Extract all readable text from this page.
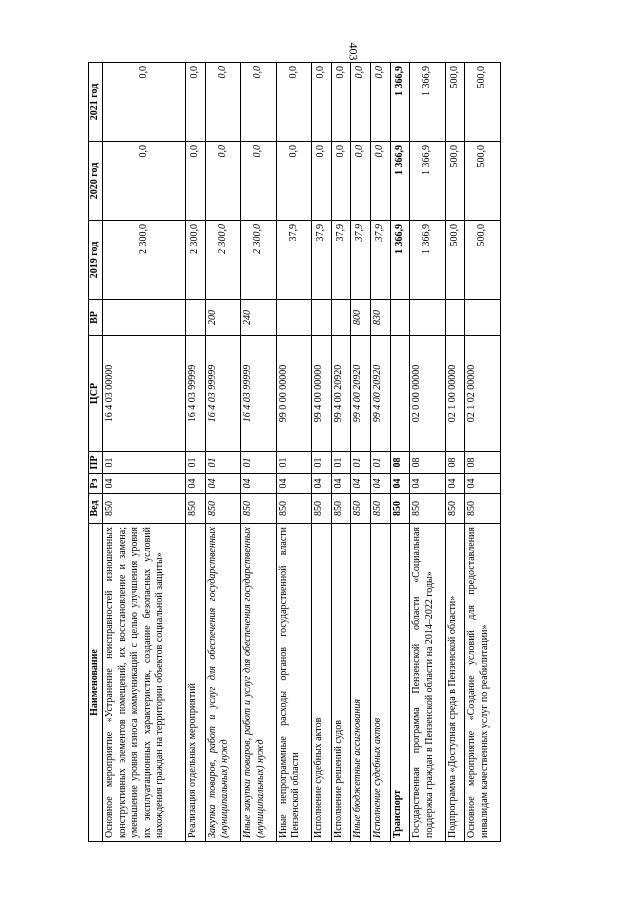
403
Наименование	Вед	Рз	ПР	ЦСР	ВР	2019 год	2020 год	2021 год
Основное мероприятие «Устранение неисправностей изношенных конструктивных элементов помещений, их восстановление и замена; уменьшение уровня износа коммуникаций с целью улучшения уровня их эксплуатационных характеристик, создание безопасных условий нахождения граждан на территории объектов социальной защиты»	850	04	01	16 4 03 00000		2 300,0	0,0	0,0
Реализация отдельных мероприятий	850	04	01	16 4 03 99999		2 300,0	0,0	0,0
Закупка товаров, работ и услуг для обеспечения государственных (муниципальных) нужд	850	04	01	16 4 03 99999	200	2 300,0	0,0	0,0
Иные закупки товаров, работ и услуг для обеспечения государственных (муниципальных) нужд	850	04	01	16 4 03 99999	240	2 300,0	0,0	0,0
Иные непрограммные расходы органов государственной власти Пензенской области	850	04	01	99 0 00 00000		37,9	0,0	0,0
Исполнение судебных актов	850	04	01	99 4 00 00000		37,9	0,0	0,0
Исполнение решений судов	850	04	01	99 4 00 20920		37,9	0,0	0,0
Иные бюджетные ассигнования	850	04	01	99 4 00 20920	800	37,9	0,0	0,0
Исполнение судебных актов	850	04	01	99 4 00 20920	830	37,9	0,0	0,0
Транспорт	850	04	08			1 366,9	1 366,9	1 366,9
Государственная программа Пензенской области «Социальная поддержка граждан в Пензенской области на 2014–2022 годы»	850	04	08	02 0 00 00000		1 366,9	1 366,9	1 366,9
Подпрограмма «Доступная среда в Пензенской области»	850	04	08	02 1 00 00000		500,0	500,0	500,0
Основное мероприятие «Создание условий для предоставления инвалидам качественных услуг по реабилитации»	850	04	08	02 1 02 00000		500,0	500,0	500,0
